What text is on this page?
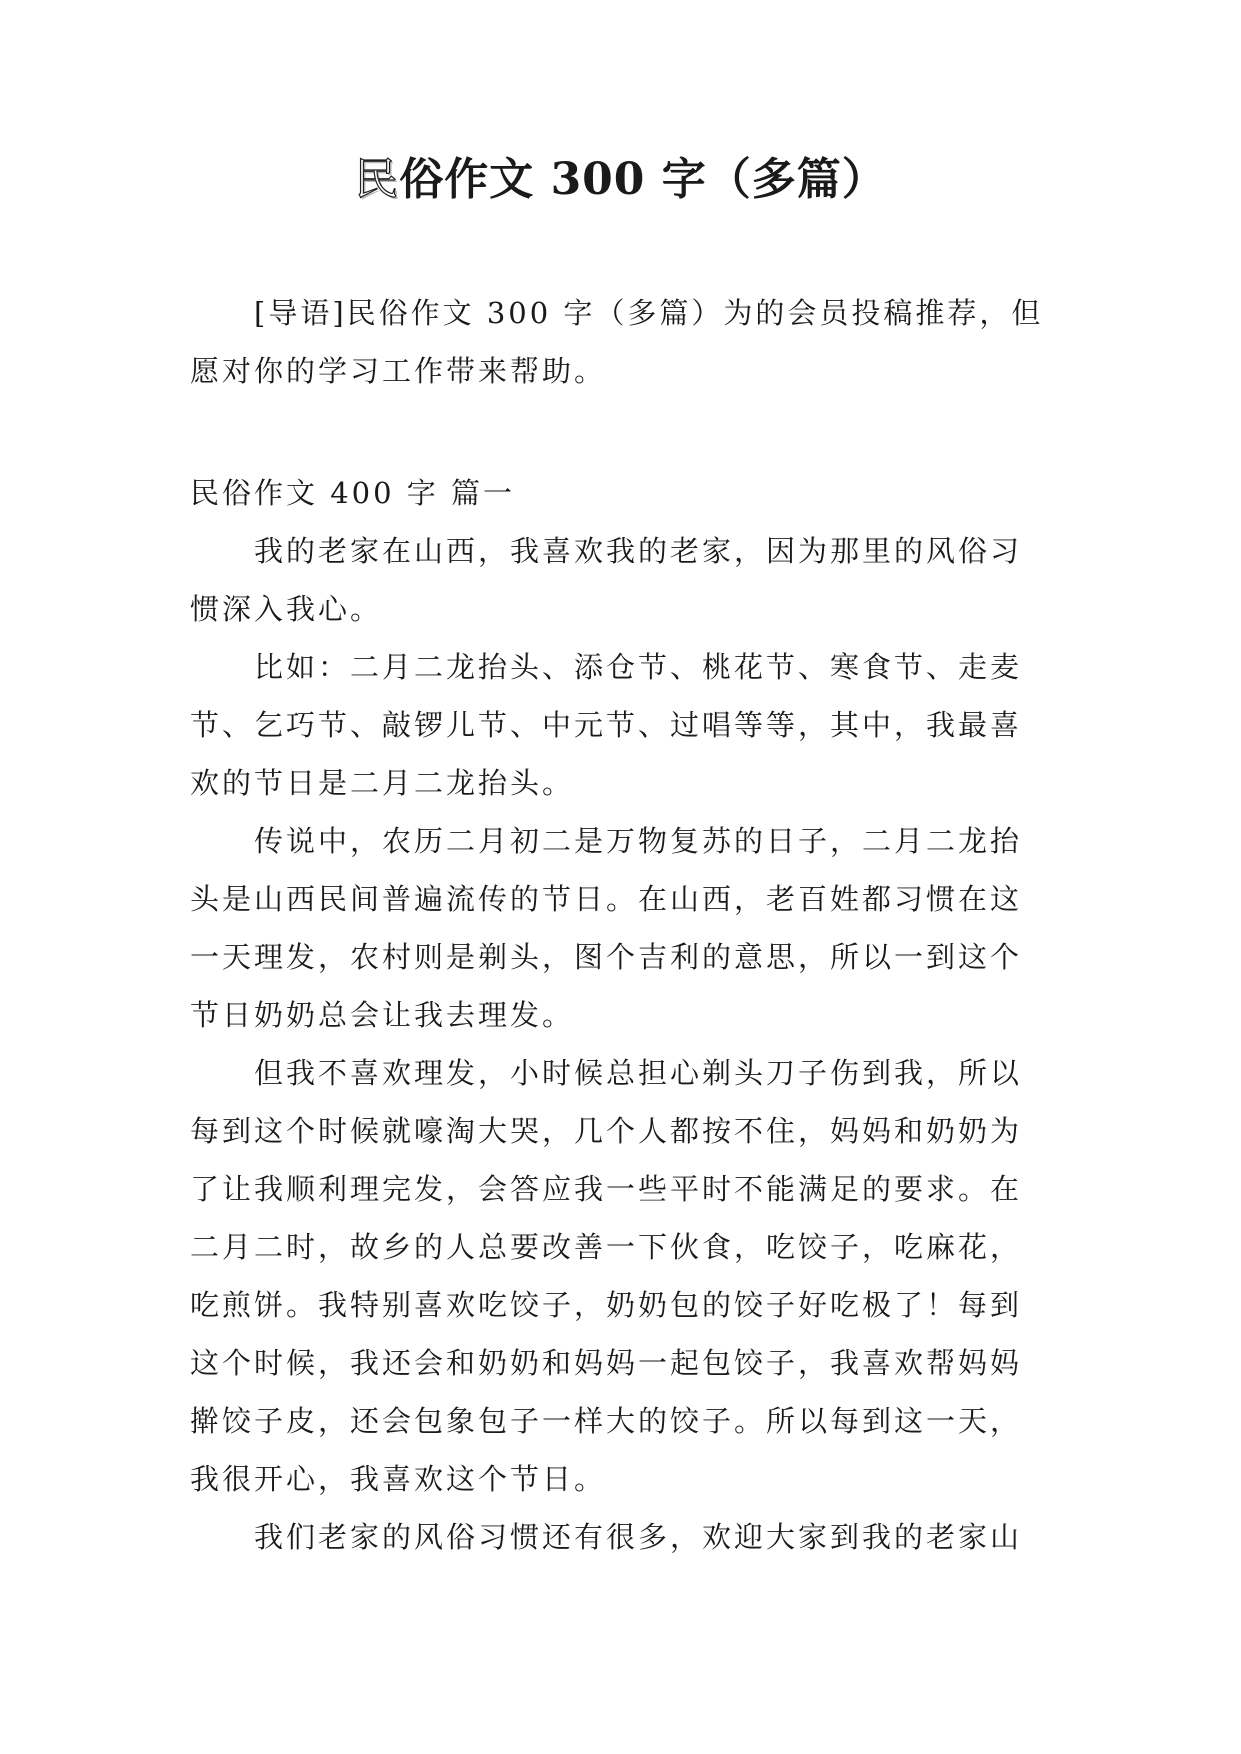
民俗作文 300 字（多篇）
[导语]民俗作文 300 字（多篇）为的会员投稿推荐，但愿对你的学习工作带来帮助。
民俗作文 400 字 篇一

我的老家在山西，我喜欢我的老家，因为那里的风俗习惯深入我心。

比如：二月二龙抬头、添仓节、桃花节、寒食节、走麦节、乞巧节、敲锣儿节、中元节、过唱等等，其中，我最喜欢的节日是二月二龙抬头。

传说中，农历二月初二是万物复苏的日子，二月二龙抬头是山西民间普遍流传的节日。在山西，老百姓都习惯在这一天理发，农村则是剃头，图个吉利的意思，所以一到这个节日奶奶总会让我去理发。

但我不喜欢理发，小时候总担心剃头刀子伤到我，所以每到这个时候就嚎淘大哭，几个人都按不住，妈妈和奶奶为了让我顺利理完发，会答应我一些平时不能满足的要求。在二月二时，故乡的人总要改善一下伙食，吃饺子，吃麻花，吃煎饼。我特别喜欢吃饺子，奶奶包的饺子好吃极了！每到这个时候，我还会和奶奶和妈妈一起包饺子，我喜欢帮妈妈擀饺子皮，还会包象包子一样大的饺子。所以每到这一天，我很开心，我喜欢这个节日。

我们老家的风俗习惯还有很多，欢迎大家到我的老家山
